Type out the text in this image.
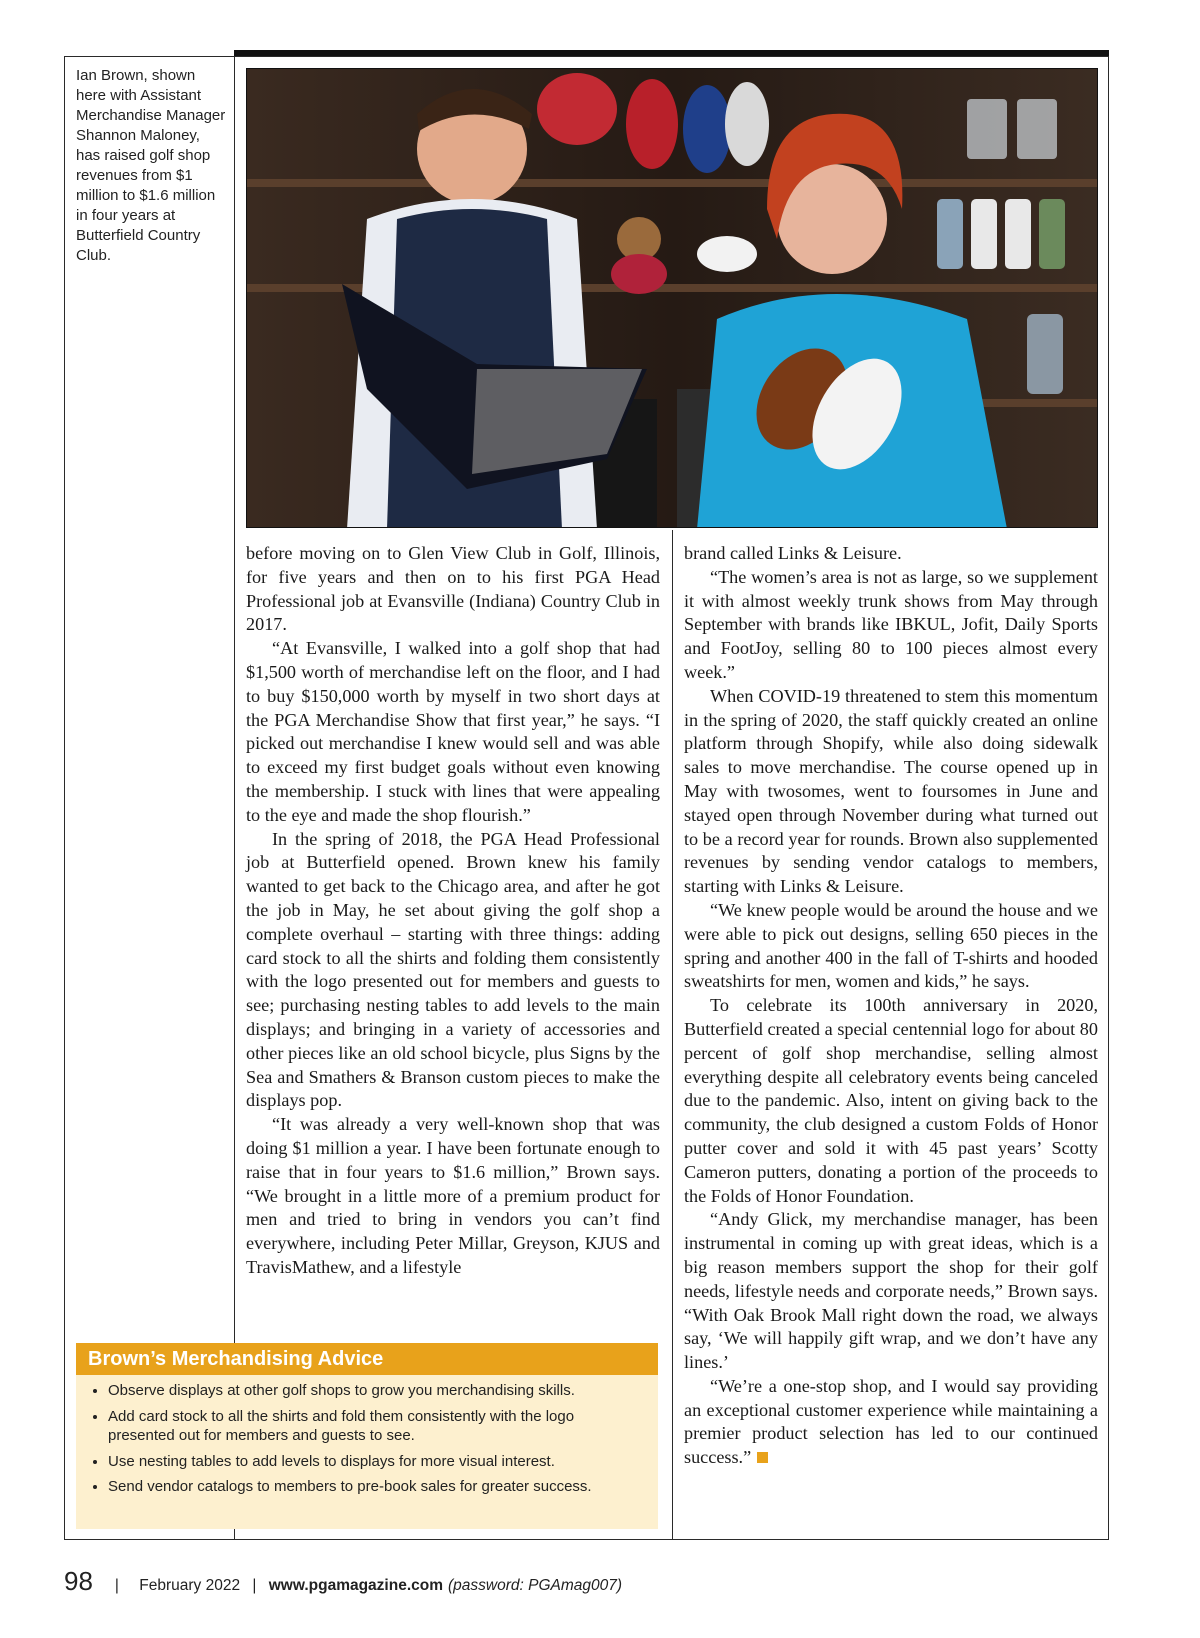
Ian Brown, shown here with Assistant Merchandise Manager Shannon Maloney, has raised golf shop revenues from $1 million to $1.6 million in four years at Butterfield Country Club.

before moving on to Glen View Club in Golf, Illinois, for five years and then on to his first PGA Head Professional job at Evansville (Indiana) Country Club in 2017.

“At Evansville, I walked into a golf shop that had $1,500 worth of merchandise left on the floor, and I had to buy $150,000 worth by myself in two short days at the PGA Merchandise Show that first year,” he says. “I picked out merchandise I knew would sell and was able to exceed my first budget goals without even knowing the membership. I stuck with lines that were appealing to the eye and made the shop flourish.”

In the spring of 2018, the PGA Head Professional job at Butterfield opened. Brown knew his family wanted to get back to the Chicago area, and after he got the job in May, he set about giving the golf shop a complete overhaul – starting with three things: adding card stock to all the shirts and folding them consistently with the logo presented out for members and guests to see; purchasing nesting tables to add levels to the main displays; and bringing in a variety of accessories and other pieces like an old school bicycle, plus Signs by the Sea and Smathers & Branson custom pieces to make the displays pop.

“It was already a very well-known shop that was doing $1 million a year. I have been fortunate enough to raise that in four years to $1.6 million,” Brown says. “We brought in a little more of a premium product for men and tried to bring in vendors you can’t find everywhere, including Peter Millar, Greyson, KJUS and TravisMathew, and a lifestyle

brand called Links & Leisure.

“The women’s area is not as large, so we supplement it with almost weekly trunk shows from May through September with brands like IBKUL, Jofit, Daily Sports and FootJoy, selling 80 to 100 pieces almost every week.”

When COVID-19 threatened to stem this momentum in the spring of 2020, the staff quickly created an online platform through Shopify, while also doing sidewalk sales to move merchandise. The course opened up in May with twosomes, went to foursomes in June and stayed open through November during what turned out to be a record year for rounds. Brown also supplemented revenues by sending vendor catalogs to members, starting with Links & Leisure.

“We knew people would be around the house and we were able to pick out designs, selling 650 pieces in the spring and another 400 in the fall of T-shirts and hooded sweatshirts for men, women and kids,” he says.

To celebrate its 100th anniversary in 2020, Butterfield created a special centennial logo for about 80 percent of golf shop merchandise, selling almost everything despite all celebratory events being canceled due to the pandemic. Also, intent on giving back to the community, the club designed a custom Folds of Honor putter cover and sold it with 45 past years’ Scotty Cameron putters, donating a portion of the proceeds to the Folds of Honor Foundation.

“Andy Glick, my merchandise manager, has been instrumental in coming up with great ideas, which is a big reason members support the shop for their golf needs, lifestyle needs and corporate needs,” Brown says. “With Oak Brook Mall right down the road, we always say, ‘We will happily gift wrap, and we don’t have any lines.’

“We’re a one-stop shop, and I would say providing an exceptional customer experience while maintaining a premier product selection has led to our continued success.”

Brown’s Merchandising Advice
• Observe displays at other golf shops to grow you merchandising skills.
• Add card stock to all the shirts and fold them consistently with the logo presented out for members and guests to see.
• Use nesting tables to add levels to displays for more visual interest.
• Send vendor catalogs to members to pre-book sales for greater success.
98 | February 2022 | www.pgamagazine.com (password: PGAmag007)
